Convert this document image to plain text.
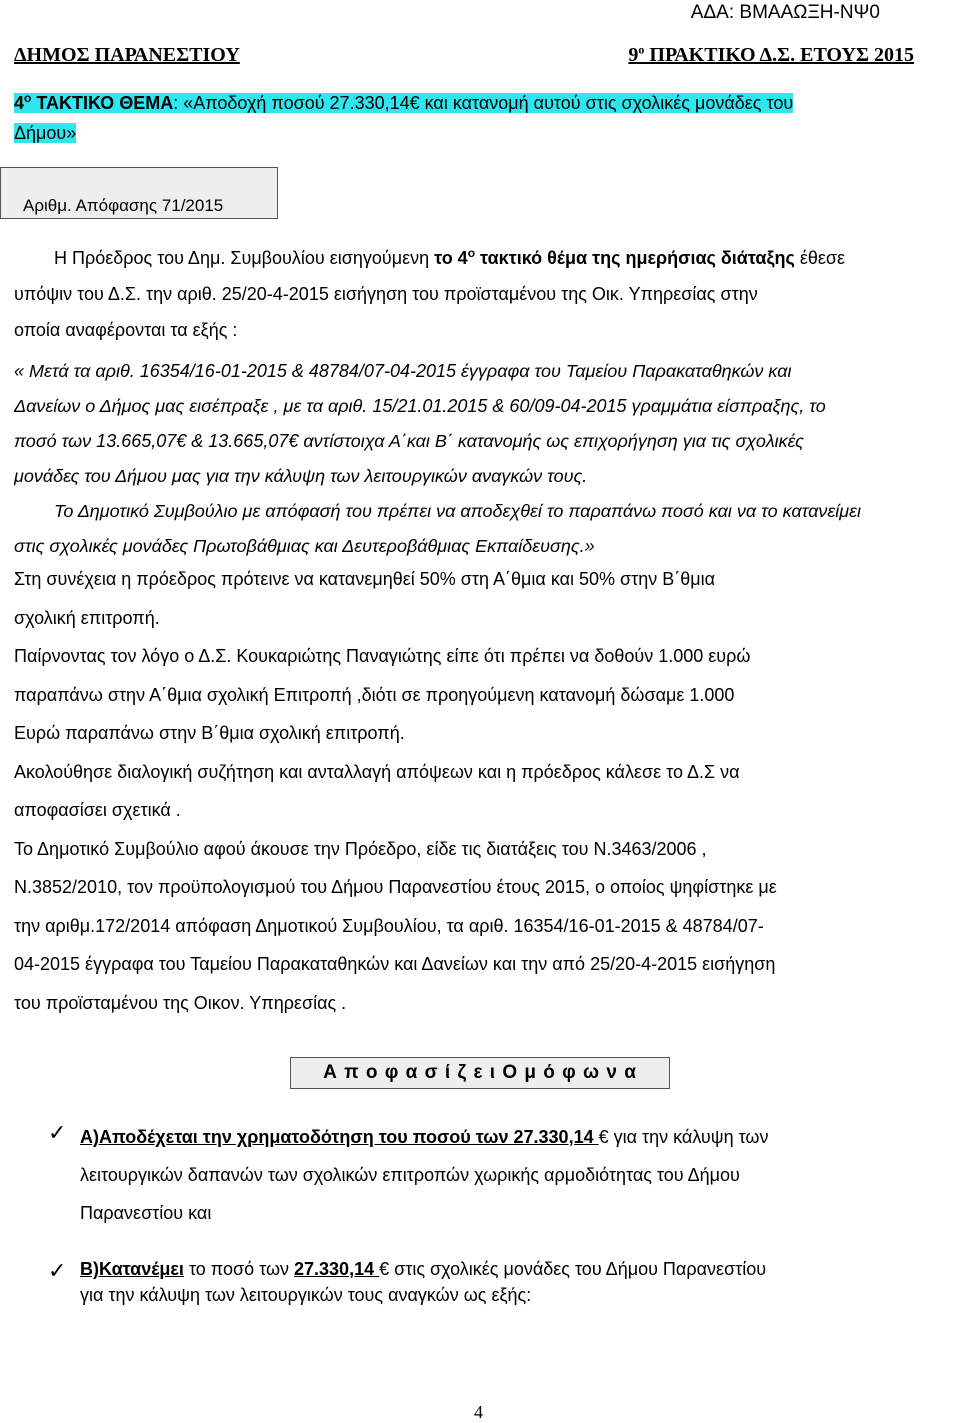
ΑΔΑ: ΒΜΑΑΩΞΗ-ΝΨ0
ΔΗΜΟΣ ΠΑΡΑΝΕΣΤΙΟΥ	$9^o$ ΠΡΑΚΤΙΚΟ Δ.Σ. ΕΤΟΥΣ 2015
$4^o$ ΤΑΚΤΙΚΟ ΘΕΜΑ: «Αποδοχή ποσού 27.330,14€ και κατανομή αυτού στις σχολικές μονάδες του
Δήμου»
Αριθμ. Απόφασης 71/2015
Η Πρόεδρος του Δημ. Συμβουλίου εισηγούμενη το $4^o$ τακτικό θέμα της ημερήσιας διάταξης έθεσε
υπόψιν του Δ.Σ. την αριθ. 25/20-4-2015 εισήγηση του προϊσταμένου της Οικ. Υπηρεσίας στην
οποία αναφέρονται τα εξής :
« Μετά τα αριθ. 16354/16-01-2015 & 48784/07-04-2015 έγγραφα του Ταμείου Παρακαταθηκών και
Δανείων ο Δήμος μας εισέπραξε , με τα αριθ. 15/21.01.2015 & 60/09-04-2015 γραμμάτια είσπραξης, το
ποσό των 13.665,07€ & 13.665,07€ αντίστοιχα Α΄και Β΄ κατανομής ως επιχορήγηση για τις σχολικές
μονάδες του Δήμου μας για την κάλυψη των λειτουργικών αναγκών τους.
Το Δημοτικό Συμβούλιο με απόφασή του πρέπει να αποδεχθεί το παραπάνω ποσό και να το κατανείμει
στις σχολικές μονάδες Πρωτοβάθμιας και Δευτεροβάθμιας Εκπαίδευσης.»
Στη συνέχεια η πρόεδρος πρότεινε να κατανεμηθεί 50% στη Α΄θμια και 50% στην Β΄θμια
σχολική επιτροπή.
Παίρνοντας τον λόγο ο Δ.Σ. Κουκαριώτης Παναγιώτης είπε ότι πρέπει να δοθούν 1.000 ευρώ
παραπάνω στην Α΄θμια σχολική Επιτροπή ,διότι σε προηγούμενη κατανομή δώσαμε 1.000
Ευρώ παραπάνω στην Β΄θμια σχολική επιτροπή.
Ακολούθησε διαλογική συζήτηση και ανταλλαγή απόψεων και η πρόεδρος κάλεσε το Δ.Σ να
αποφασίσει σχετικά .
Το Δημοτικό Συμβούλιο αφού άκουσε την Πρόεδρο, είδε τις διατάξεις του Ν.3463/2006 ,
Ν.3852/2010, τον προϋπολογισμού του Δήμου Παρανεστίου έτους 2015, ο οποίος ψηφίστηκε με
την αριθμ.172/2014 απόφαση Δημοτικού Συμβουλίου, τα αριθ. 16354/16-01-2015 & 48784/07-
04-2015 έγγραφα του Ταμείου Παρακαταθηκών και Δανείων και την από 25/20-4-2015 εισήγηση
του προϊσταμένου της Οικον. Υπηρεσίας .
Α π ο φ α σ ί ζ ε ι Ο μ ό φ ω ν α
✓ Α)Αποδέχεται την χρηματοδότηση του ποσού των 27.330,14 € για την κάλυψη των
λειτουργικών δαπανών των σχολικών επιτροπών χωρικής αρμοδιότητας του Δήμου
Παρανεστίου και
✓ Β)Κατανέμει το ποσό των 27.330,14 € στις σχολικές μονάδες του Δήμου Παρανεστίου
για την κάλυψη των λειτουργικών τους αναγκών ως εξής:
4
